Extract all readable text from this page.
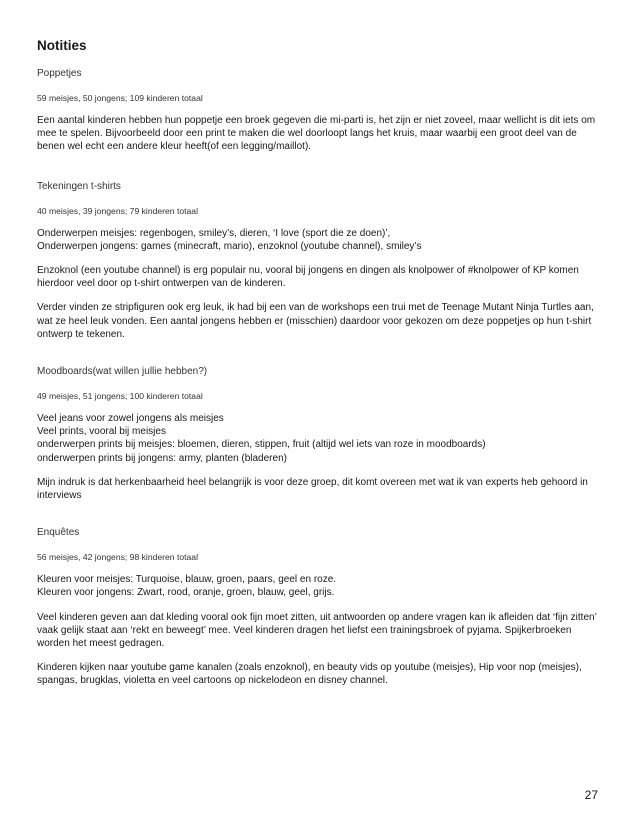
Notities

Poppetjes

59 meisjes, 50 jongens; 109 kinderen totaal

Een aantal kinderen hebben hun poppetje een broek gegeven die mi-parti is, het zijn er niet zoveel, maar wellicht is dit iets om mee te spelen. Bijvoorbeeld door een print te maken die wel doorloopt langs het kruis, maar waarbij een groot deel van de benen wel echt een andere kleur heeft(of een legging/maillot).

Tekeningen t-shirts

40 meisjes, 39 jongens; 79 kinderen totaal

Onderwerpen meisjes: regenbogen, smiley’s, dieren, ‘I love (sport die ze doen)’,
Onderwerpen jongens: games (minecraft, mario), enzoknol (youtube channel), smiley’s

Enzoknol (een youtube channel) is erg populair nu, vooral bij jongens en dingen als knolpower of #knolpower of KP komen hierdoor veel door op t-shirt ontwerpen van de kinderen.

Verder vinden ze stripfiguren ook erg leuk, ik had bij een van de workshops een trui met de Teenage Mutant Ninja Turtles aan, wat ze heel leuk vonden. Een aantal jongens hebben er (misschien) daardoor voor gekozen om deze poppetjes op hun t-shirt ontwerp te tekenen.

Moodboards(wat willen jullie hebben?)

49 meisjes, 51 jongens; 100 kinderen totaal

Veel jeans voor zowel jongens als meisjes
Veel prints, vooral bij meisjes
onderwerpen prints bij meisjes: bloemen, dieren, stippen, fruit (altijd wel iets van roze in moodboards)
onderwerpen prints bij jongens: army, planten (bladeren)

Mijn indruk is dat herkenbaarheid heel belangrijk is voor deze groep, dit komt overeen met wat ik van experts heb gehoord in interviews

Enquêtes

56 meisjes, 42 jongens; 98 kinderen totaal

Kleuren voor meisjes: Turquoise, blauw, groen, paars, geel en roze.
Kleuren voor jongens: Zwart, rood, oranje, groen, blauw, geel, grijs.

Veel kinderen geven aan dat kleding vooral ook fijn moet zitten, uit antwoorden op andere vragen kan ik afleiden dat ‘fijn zitten’ vaak gelijk staat aan ‘rekt en beweegt’ mee. Veel kinderen dragen het liefst een trainingsbroek of pyjama. Spijkerbroeken worden het meest gedragen.

Kinderen kijken naar youtube game kanalen (zoals enzoknol), en beauty vids op youtube (meisjes), Hip voor nop (meisjes), spangas, brugklas, violetta en veel cartoons op nickelodeon en disney channel.

27
